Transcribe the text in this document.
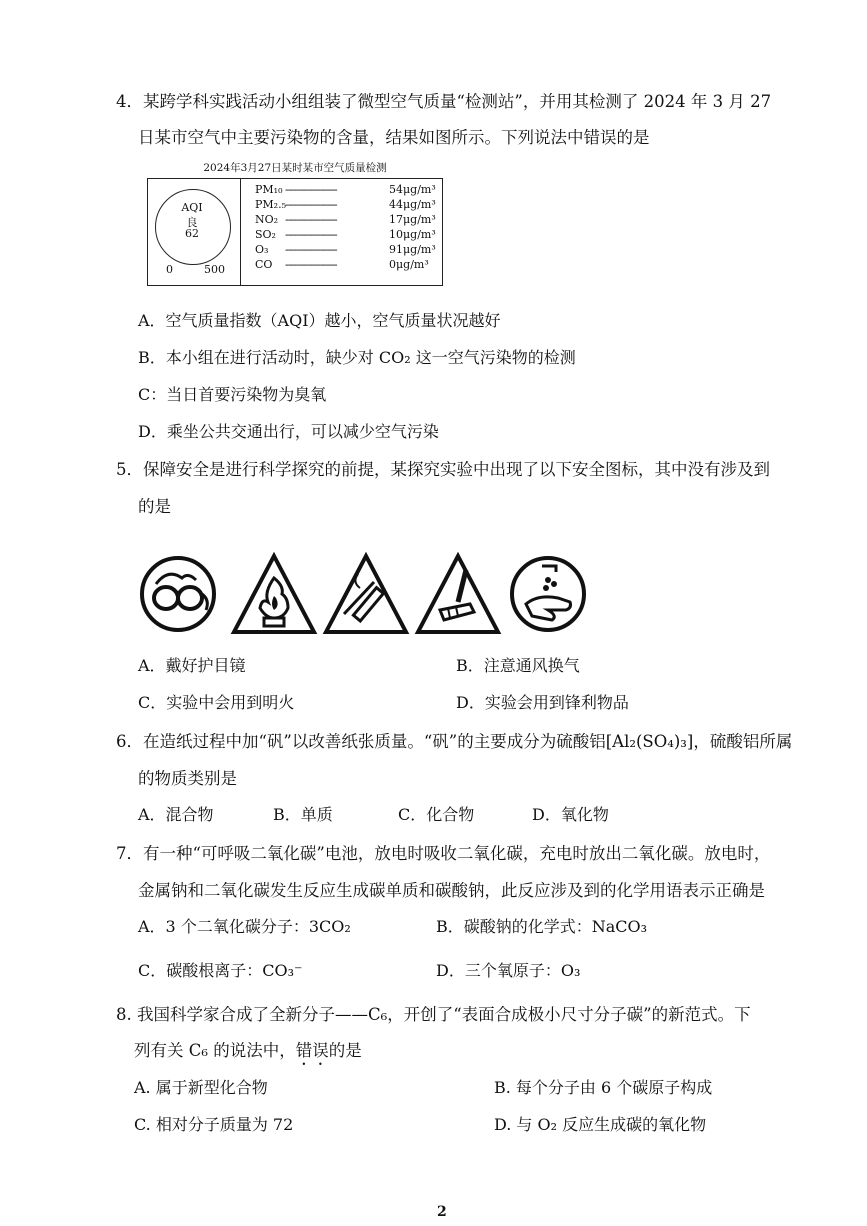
4．某跨学科实践活动小组组装了微型空气质量“检测站”，并用其检测了 2024 年 3 月 27
日某市空气中主要污染物的含量，结果如图所示。下列说法中错误的是
2024年3月27日某时某市空气质量检测
AQI
良
62
0	500
PM₁₀ -------------------	54μg/m³
PM₂.₅ -------------------	44μg/m³
NO₂ -------------------	17μg/m³
SO₂ -------------------	10μg/m³
O₃	-------------------	91μg/m³
CO	-------------------	0μg/m³
A．空气质量指数（AQI）越小，空气质量状况越好
B．本小组在进行活动时，缺少对 CO₂ 这一空气污染物的检测
C：当日首要污染物为臭氧
D．乘坐公共交通出行，可以减少空气污染
5．保障安全是进行科学探究的前提，某探究实验中出现了以下安全图标，其中没有涉及到
的是
A．戴好护目镜	B．注意通风换气
C．实验中会用到明火	D．实验会用到锋利物品
6．在造纸过程中加“矾”以改善纸张质量。“矾”的主要成分为硫酸铝[Al₂(SO₄)₃]，硫酸铝所属
的物质类别是
A．混合物	B．单质	C．化合物	D．氧化物
7．有一种“可呼吸二氧化碳”电池，放电时吸收二氧化碳，充电时放出二氧化碳。放电时，
金属钠和二氧化碳发生反应生成碳单质和碳酸钠，此反应涉及到的化学用语表示正确是
A．3 个二氧化碳分子：3CO₂	B．碳酸钠的化学式：NaCO₃
C．碳酸根离子：CO₃⁻	D．三个氧原子：O₃
8. 我国科学家合成了全新分子——C₆，开创了“表面合成极小尺寸分子碳”的新范式。下
列有关 C₆ 的说法中，错误的是
A. 属于新型化合物	B. 每个分子由 6 个碳原子构成
C. 相对分子质量为 72	D. 与 O₂ 反应生成碳的氧化物
2
